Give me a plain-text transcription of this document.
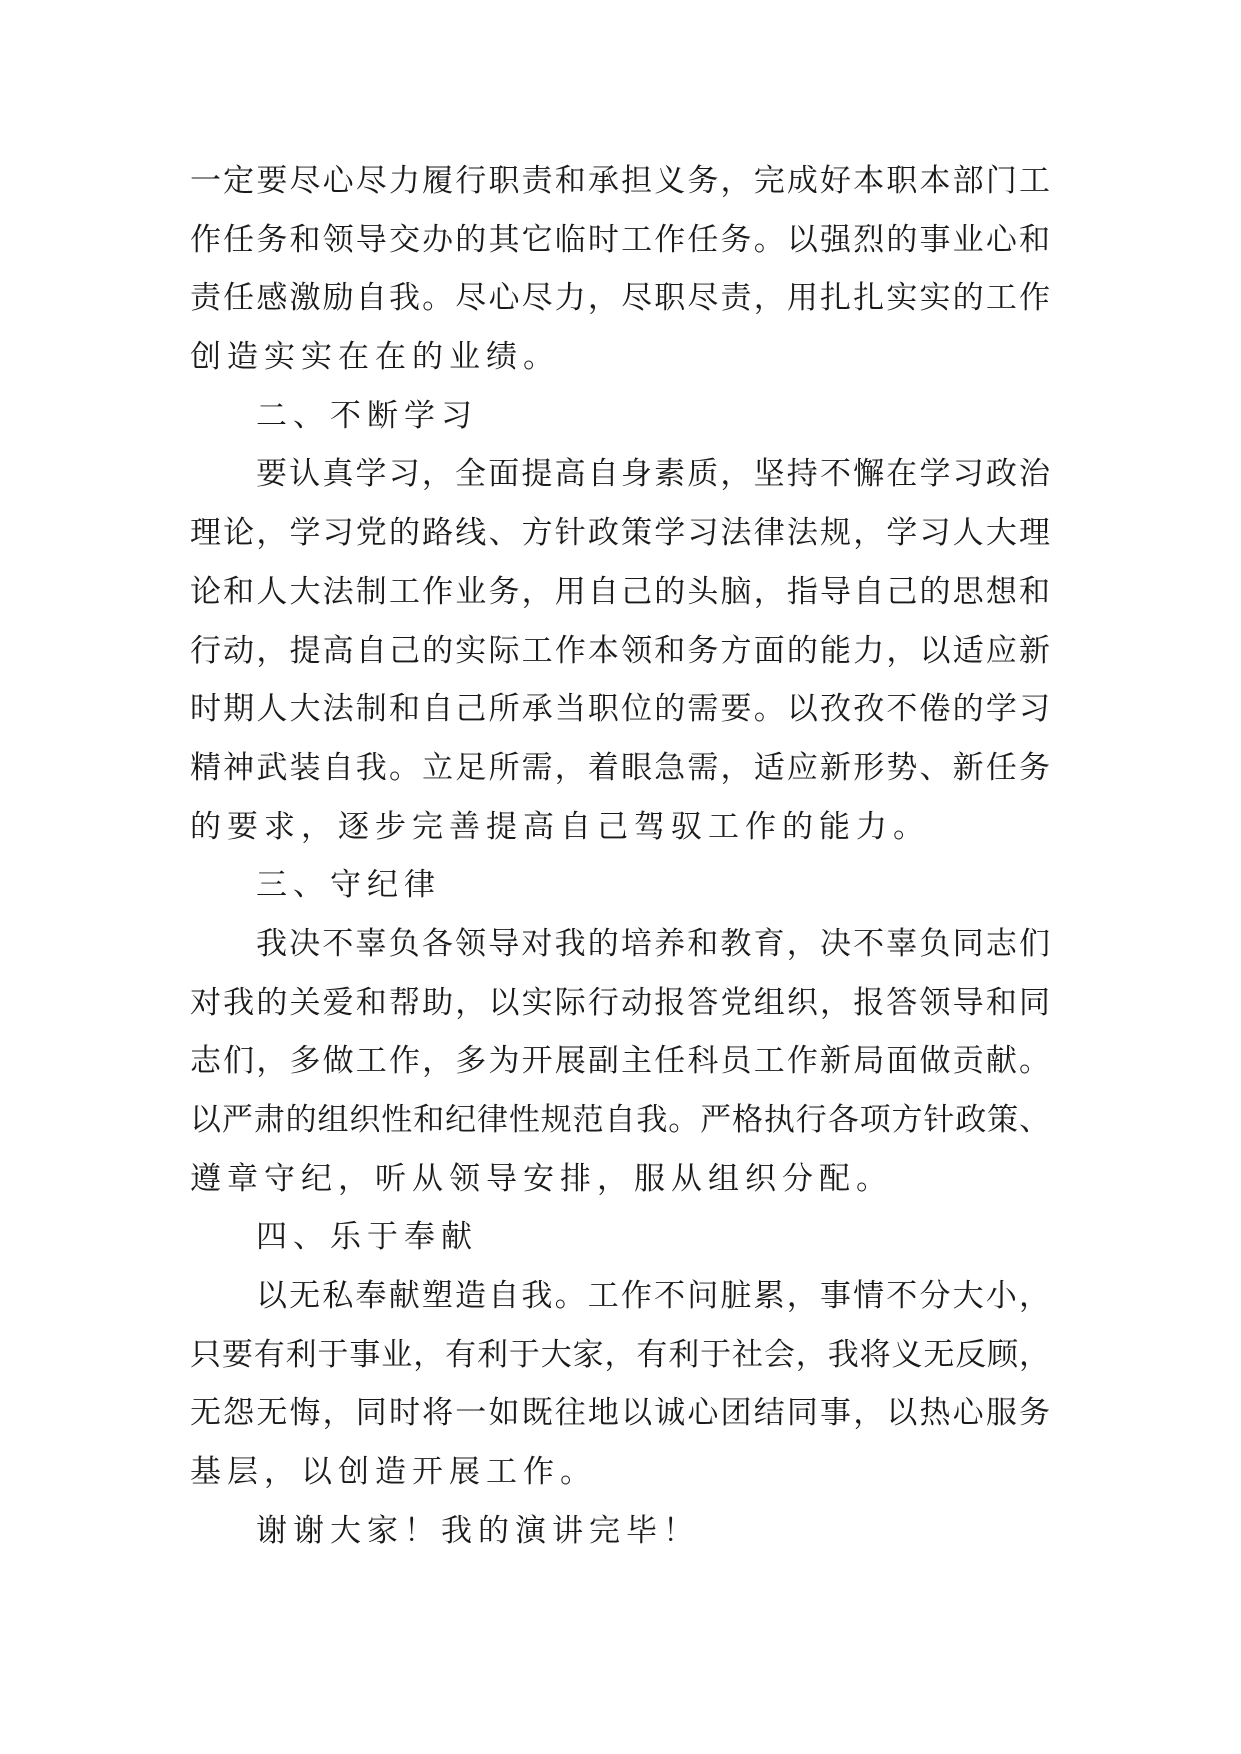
一定要尽心尽力履行职责和承担义务，完成好本职本部门工
作任务和领导交办的其它临时工作任务。以强烈的事业心和
责任感激励自我。尽心尽力，尽职尽责，用扎扎实实的工作
创造实实在在的业绩。
二、不断学习
要认真学习，全面提高自身素质，坚持不懈在学习政治
理论，学习党的路线、方针政策学习法律法规，学习人大理
论和人大法制工作业务，用自己的头脑，指导自己的思想和
行动，提高自己的实际工作本领和务方面的能力，以适应新
时期人大法制和自己所承当职位的需要。以孜孜不倦的学习
精神武装自我。立足所需，着眼急需，适应新形势、新任务
的要求，逐步完善提高自己驾驭工作的能力。
三、守纪律
我决不辜负各领导对我的培养和教育，决不辜负同志们
对我的关爱和帮助，以实际行动报答党组织，报答领导和同
志们，多做工作，多为开展副主任科员工作新局面做贡献。
以严肃的组织性和纪律性规范自我。严格执行各项方针政策、
遵章守纪，听从领导安排，服从组织分配。
四、乐于奉献
以无私奉献塑造自我。工作不问脏累，事情不分大小，
只要有利于事业，有利于大家，有利于社会，我将义无反顾，
无怨无悔，同时将一如既往地以诚心团结同事，以热心服务
基层，以创造开展工作。
谢谢大家！我的演讲完毕！
